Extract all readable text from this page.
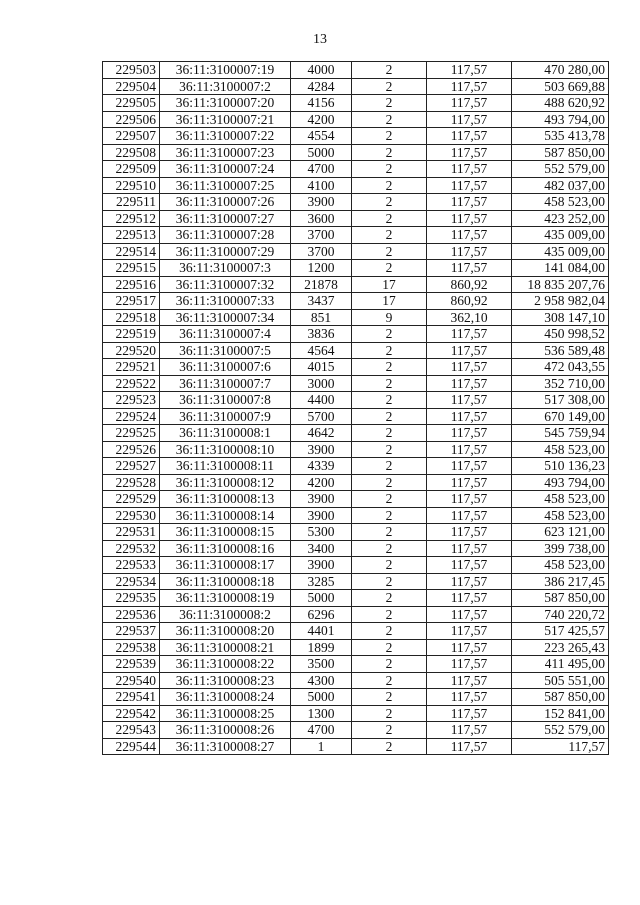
13
229503	36:11:3100007:19	4000	2	117,57	470 280,00
229504	36:11:3100007:2	4284	2	117,57	503 669,88
229505	36:11:3100007:20	4156	2	117,57	488 620,92
229506	36:11:3100007:21	4200	2	117,57	493 794,00
229507	36:11:3100007:22	4554	2	117,57	535 413,78
229508	36:11:3100007:23	5000	2	117,57	587 850,00
229509	36:11:3100007:24	4700	2	117,57	552 579,00
229510	36:11:3100007:25	4100	2	117,57	482 037,00
229511	36:11:3100007:26	3900	2	117,57	458 523,00
229512	36:11:3100007:27	3600	2	117,57	423 252,00
229513	36:11:3100007:28	3700	2	117,57	435 009,00
229514	36:11:3100007:29	3700	2	117,57	435 009,00
229515	36:11:3100007:3	1200	2	117,57	141 084,00
229516	36:11:3100007:32	21878	17	860,92	18 835 207,76
229517	36:11:3100007:33	3437	17	860,92	2 958 982,04
229518	36:11:3100007:34	851	9	362,10	308 147,10
229519	36:11:3100007:4	3836	2	117,57	450 998,52
229520	36:11:3100007:5	4564	2	117,57	536 589,48
229521	36:11:3100007:6	4015	2	117,57	472 043,55
229522	36:11:3100007:7	3000	2	117,57	352 710,00
229523	36:11:3100007:8	4400	2	117,57	517 308,00
229524	36:11:3100007:9	5700	2	117,57	670 149,00
229525	36:11:3100008:1	4642	2	117,57	545 759,94
229526	36:11:3100008:10	3900	2	117,57	458 523,00
229527	36:11:3100008:11	4339	2	117,57	510 136,23
229528	36:11:3100008:12	4200	2	117,57	493 794,00
229529	36:11:3100008:13	3900	2	117,57	458 523,00
229530	36:11:3100008:14	3900	2	117,57	458 523,00
229531	36:11:3100008:15	5300	2	117,57	623 121,00
229532	36:11:3100008:16	3400	2	117,57	399 738,00
229533	36:11:3100008:17	3900	2	117,57	458 523,00
229534	36:11:3100008:18	3285	2	117,57	386 217,45
229535	36:11:3100008:19	5000	2	117,57	587 850,00
229536	36:11:3100008:2	6296	2	117,57	740 220,72
229537	36:11:3100008:20	4401	2	117,57	517 425,57
229538	36:11:3100008:21	1899	2	117,57	223 265,43
229539	36:11:3100008:22	3500	2	117,57	411 495,00
229540	36:11:3100008:23	4300	2	117,57	505 551,00
229541	36:11:3100008:24	5000	2	117,57	587 850,00
229542	36:11:3100008:25	1300	2	117,57	152 841,00
229543	36:11:3100008:26	4700	2	117,57	552 579,00
229544	36:11:3100008:27	1	2	117,57	117,57
